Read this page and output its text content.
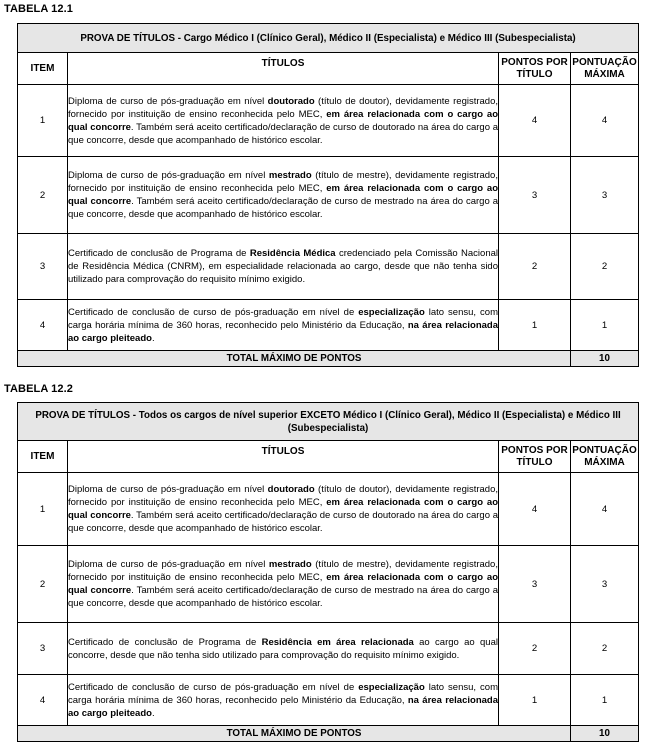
TABELA 12.1
PROVA DE TÍTULOS - Cargo Médico I (Clínico Geral), Médico II (Especialista) e Médico III (Subespecialista)			
ITEM	TÍTULOS	PONTOS POR TÍTULO	PONTUAÇÃO MÁXIMA
1	Diploma de curso de pós-graduação em nível doutorado (título de doutor), devidamente registrado, fornecido por instituição de ensino reconhecida pelo MEC, em área relacionada com o cargo ao qual concorre. Também será aceito certificado/declaração de curso de doutorado na área do cargo a que concorre, desde que acompanhado de histórico escolar.	4	4
2	Diploma de curso de pós-graduação em nível mestrado (título de mestre), devidamente registrado, fornecido por instituição de ensino reconhecida pelo MEC, em área relacionada com o cargo ao qual concorre. Também será aceito certificado/declaração de curso de mestrado na área do cargo a que concorre, desde que acompanhado de histórico escolar.	3	3
3	Certificado de conclusão de Programa de Residência Médica credenciado pela Comissão Nacional de Residência Médica (CNRM), em especialidade relacionada ao cargo, desde que não tenha sido utilizado para comprovação do requisito mínimo exigido.	2	2
4	Certificado de conclusão de curso de pós-graduação em nível de especialização lato sensu, com carga horária mínima de 360 horas, reconhecido pelo Ministério da Educação, na área relacionada ao cargo pleiteado.	1	1
TOTAL MÁXIMO DE PONTOS			10
TABELA 12.2
PROVA DE TÍTULOS - Todos os cargos de nível superior EXCETO Médico I (Clínico Geral), Médico II (Especialista) e Médico III (Subespecialista)			
ITEM	TÍTULOS	PONTOS POR TÍTULO	PONTUAÇÃO MÁXIMA
1	Diploma de curso de pós-graduação em nível doutorado (título de doutor), devidamente registrado, fornecido por instituição de ensino reconhecida pelo MEC, em área relacionada com o cargo ao qual concorre. Também será aceito certificado/declaração de curso de doutorado na área do cargo a que concorre, desde que acompanhado de histórico escolar.	4	4
2	Diploma de curso de pós-graduação em nível mestrado (título de mestre), devidamente registrado, fornecido por instituição de ensino reconhecida pelo MEC, em área relacionada com o cargo ao qual concorre. Também será aceito certificado/declaração de curso de mestrado na área do cargo a que concorre, desde que acompanhado de histórico escolar.	3	3
3	Certificado de conclusão de Programa de Residência em área relacionada ao cargo ao qual concorre, desde que não tenha sido utilizado para comprovação do requisito mínimo exigido.	2	2
4	Certificado de conclusão de curso de pós-graduação em nível de especialização lato sensu, com carga horária mínima de 360 horas, reconhecido pelo Ministério da Educação, na área relacionada ao cargo pleiteado.	1	1
TOTAL MÁXIMO DE PONTOS			10
